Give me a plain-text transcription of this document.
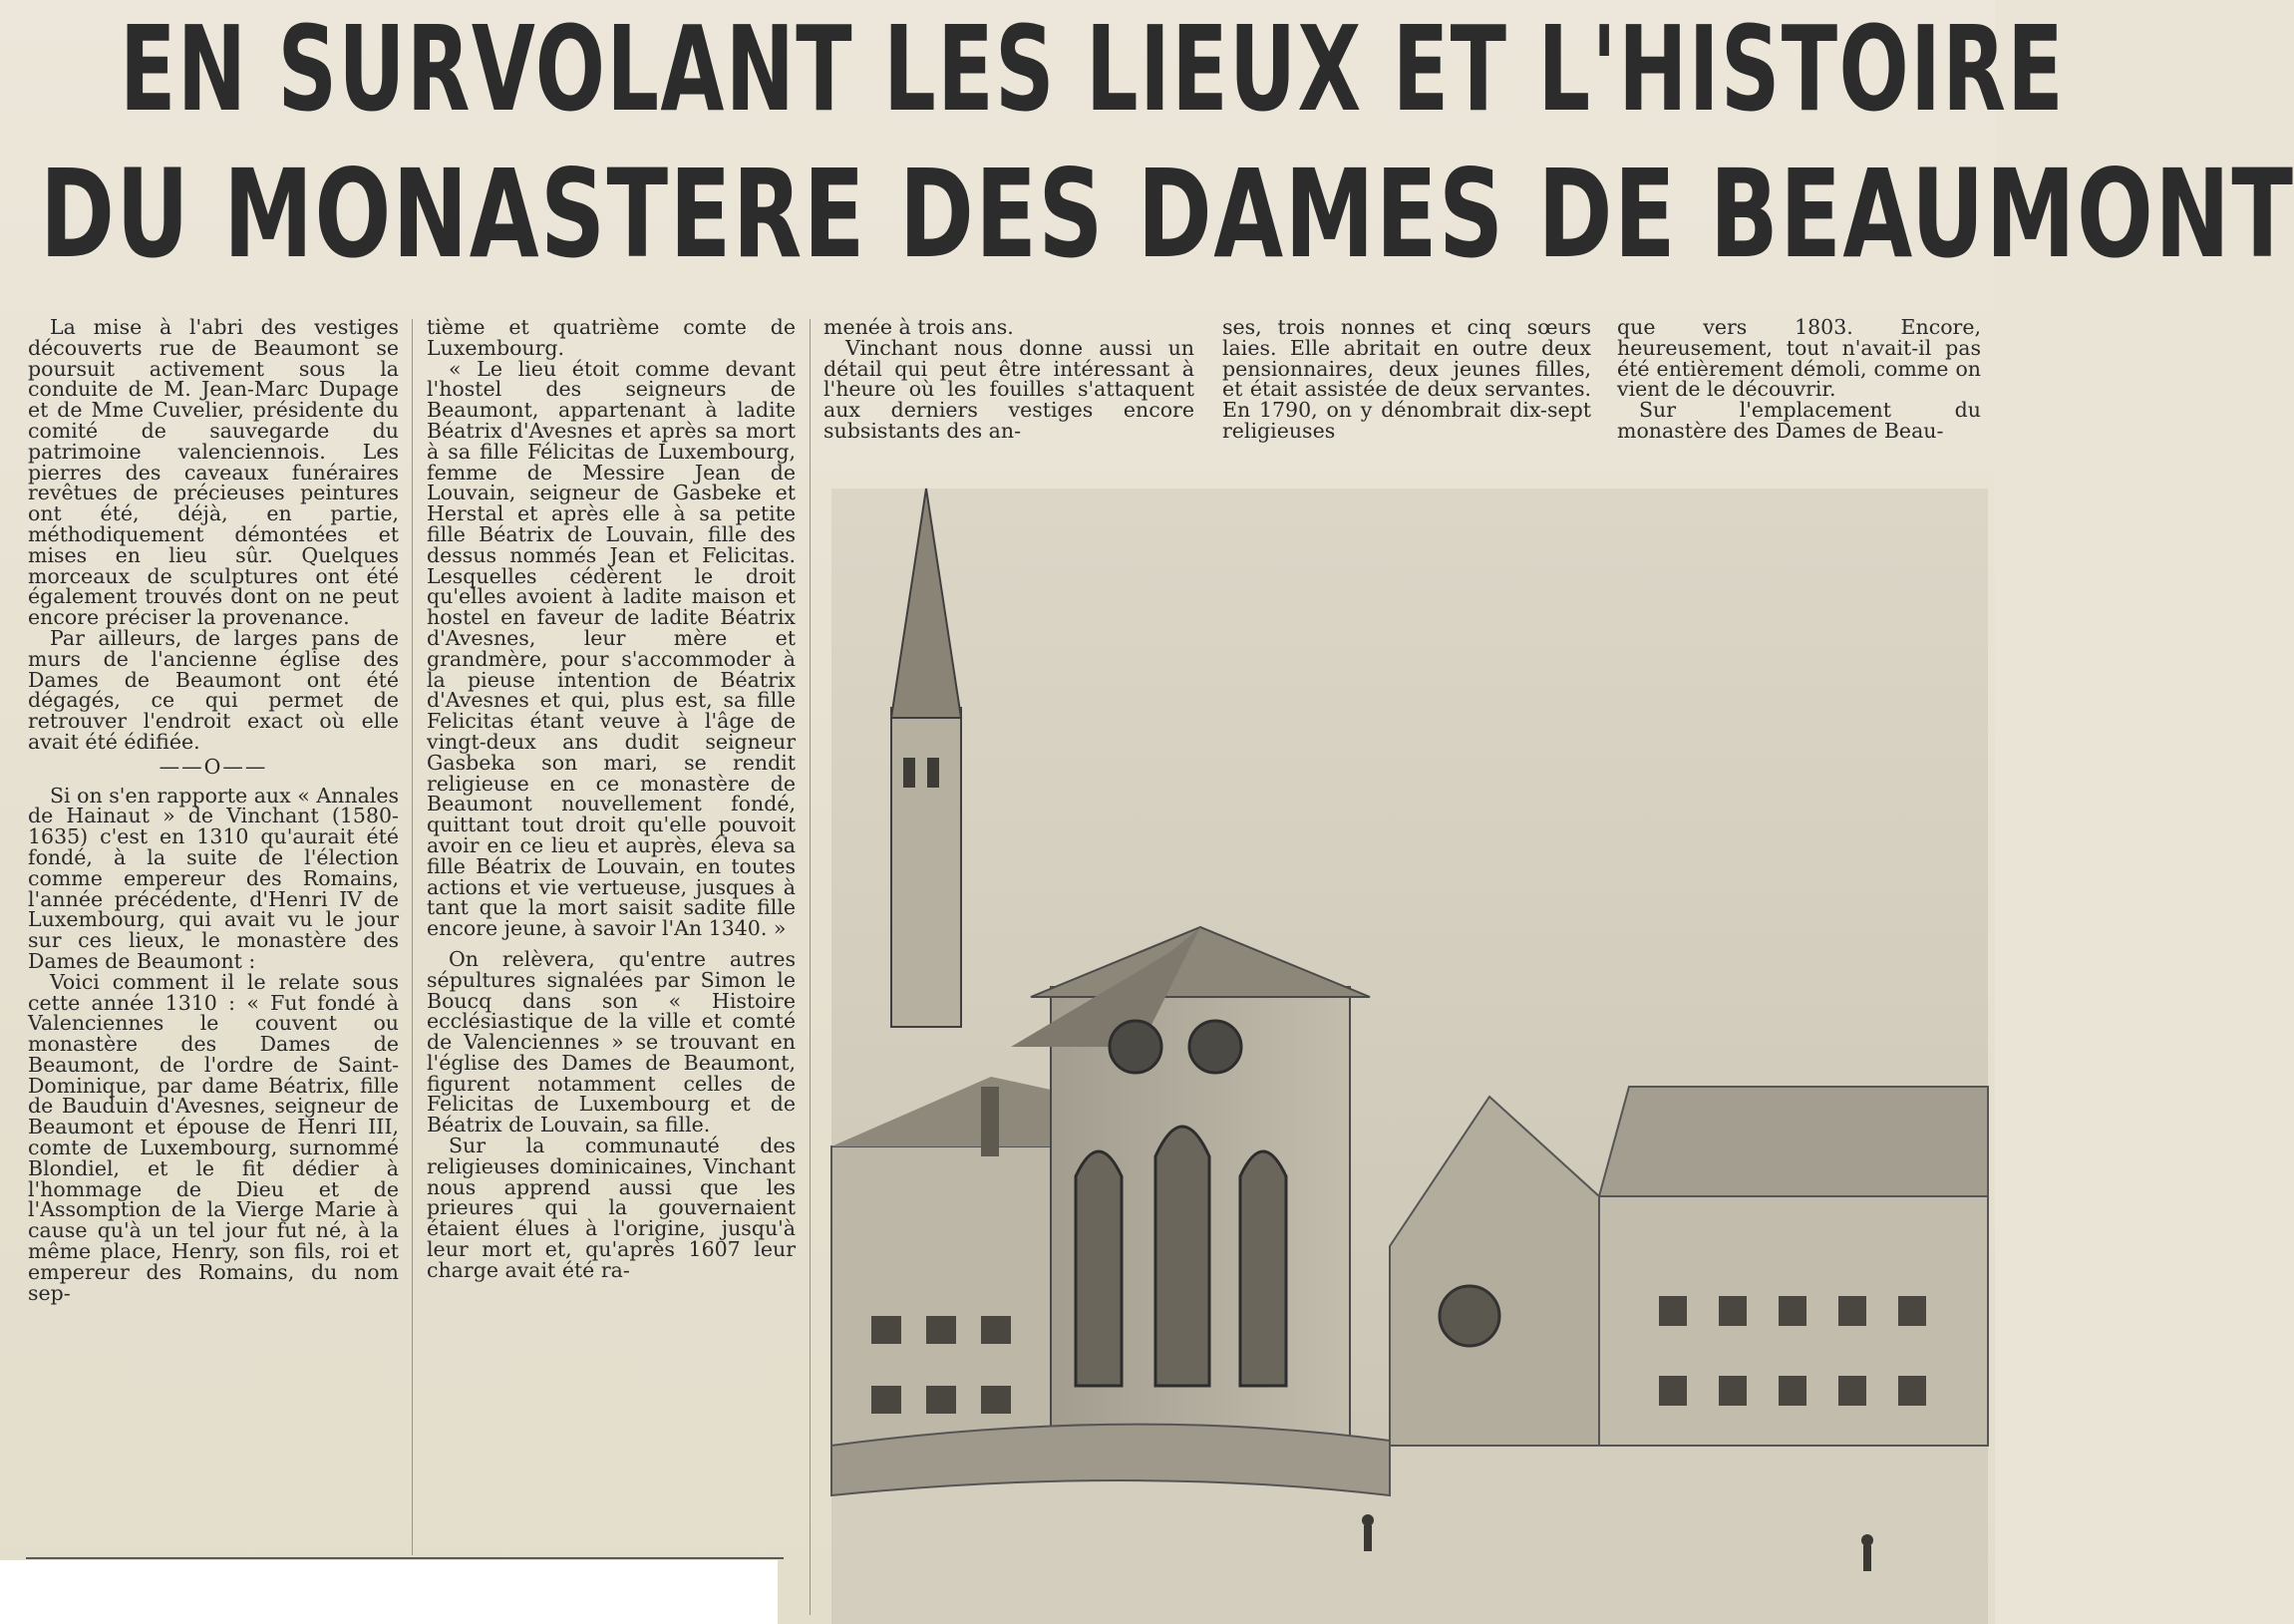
EN SURVOLANT LES LIEUX ET L'HISTOIRE
DU MONASTERE DES DAMES DE BEAUMONT

La mise à l'abri des vestiges découverts rue de Beaumont se poursuit activement sous la conduite de M. Jean-Marc Dupage et de Mme Cuvelier, présidente du comité de sauvegarde du patrimoine valenciennois. Les pierres des caveaux funéraires revêtues de précieuses peintures ont été, déjà, en partie, méthodiquement démontées et mises en lieu sûr. Quelques morceaux de sculptures ont été également trouvés dont on ne peut encore préciser la provenance.

Par ailleurs, de larges pans de murs de l'ancienne église des Dames de Beaumont ont été dégagés, ce qui permet de retrouver l'endroit exact où elle avait été édifiée.

——O——

Si on s'en rapporte aux « Annales de Hainaut » de Vinchant (1580-1635) c'est en 1310 qu'aurait été fondé, à la suite de l'élection comme empereur des Romains, l'année précédente, d'Henri IV de Luxembourg, qui avait vu le jour sur ces lieux, le monastère des Dames de Beaumont :

Voici comment il le relate sous cette année 1310 : « Fut fondé à Valenciennes le couvent ou monastère des Dames de Beaumont, de l'ordre de Saint-Dominique, par dame Béatrix, fille de Bauduin d'Avesnes, seigneur de Beaumont et épouse de Henri III, comte de Luxembourg, surnommé Blondiel, et le fit dédier à l'hommage de Dieu et de l'Assomption de la Vierge Marie à cause qu'à un tel jour fut né, à la même place, Henry, son fils, roi et empereur des Romains, du nom sep-

tième et quatrième comte de Luxembourg.

« Le lieu étoit comme devant l'hostel des seigneurs de Beaumont, appartenant à ladite Béatrix d'Avesnes et après sa mort à sa fille Félicitas de Luxembourg, femme de Messire Jean de Louvain, seigneur de Gasbeke et Herstal et après elle à sa petite fille Béatrix de Louvain, fille des dessus nommés Jean et Felicitas. Lesquelles cédèrent le droit qu'elles avoient à ladite maison et hostel en faveur de ladite Béatrix d'Avesnes, leur mère et grandmère, pour s'accommoder à la pieuse intention de Béatrix d'Avesnes et qui, plus est, sa fille Felicitas étant veuve à l'âge de vingt-deux ans dudit seigneur Gasbeka son mari, se rendit religieuse en ce monastère de Beaumont nouvellement fondé, quittant tout droit qu'elle pouvoit avoir en ce lieu et auprès, éleva sa fille Béatrix de Louvain, en toutes actions et vie vertueuse, jusques à tant que la mort saisit sadite fille encore jeune, à savoir l'An 1340. »

On relèvera, qu'entre autres sépultures signalées par Simon le Boucq dans son « Histoire ecclésiastique de la ville et comté de Valenciennes » se trouvant en l'église des Dames de Beaumont, figurent notamment celles de Felicitas de Luxembourg et de Béatrix de Louvain, sa fille.

Sur la communauté des religieuses dominicaines, Vinchant nous apprend aussi que les prieures qui la gouvernaient étaient élues à l'origine, jusqu'à leur mort et, qu'après 1607 leur charge avait été ra-

menée à trois ans.

Vinchant nous donne aussi un détail qui peut être intéressant à l'heure où les fouilles s'attaquent aux derniers vestiges encore subsistants des an-

ses, trois nonnes et cinq sœurs laies. Elle abritait en outre deux pensionnaires, deux jeunes filles, et était assistée de deux servantes. En 1790, on y dénombrait dix-sept religieuses

que vers 1803. Encore, heureusement, tout n'avait-il pas été entièrement démoli, comme on vient de le découvrir.

Sur l'emplacement du monastère des Dames de Beau-
